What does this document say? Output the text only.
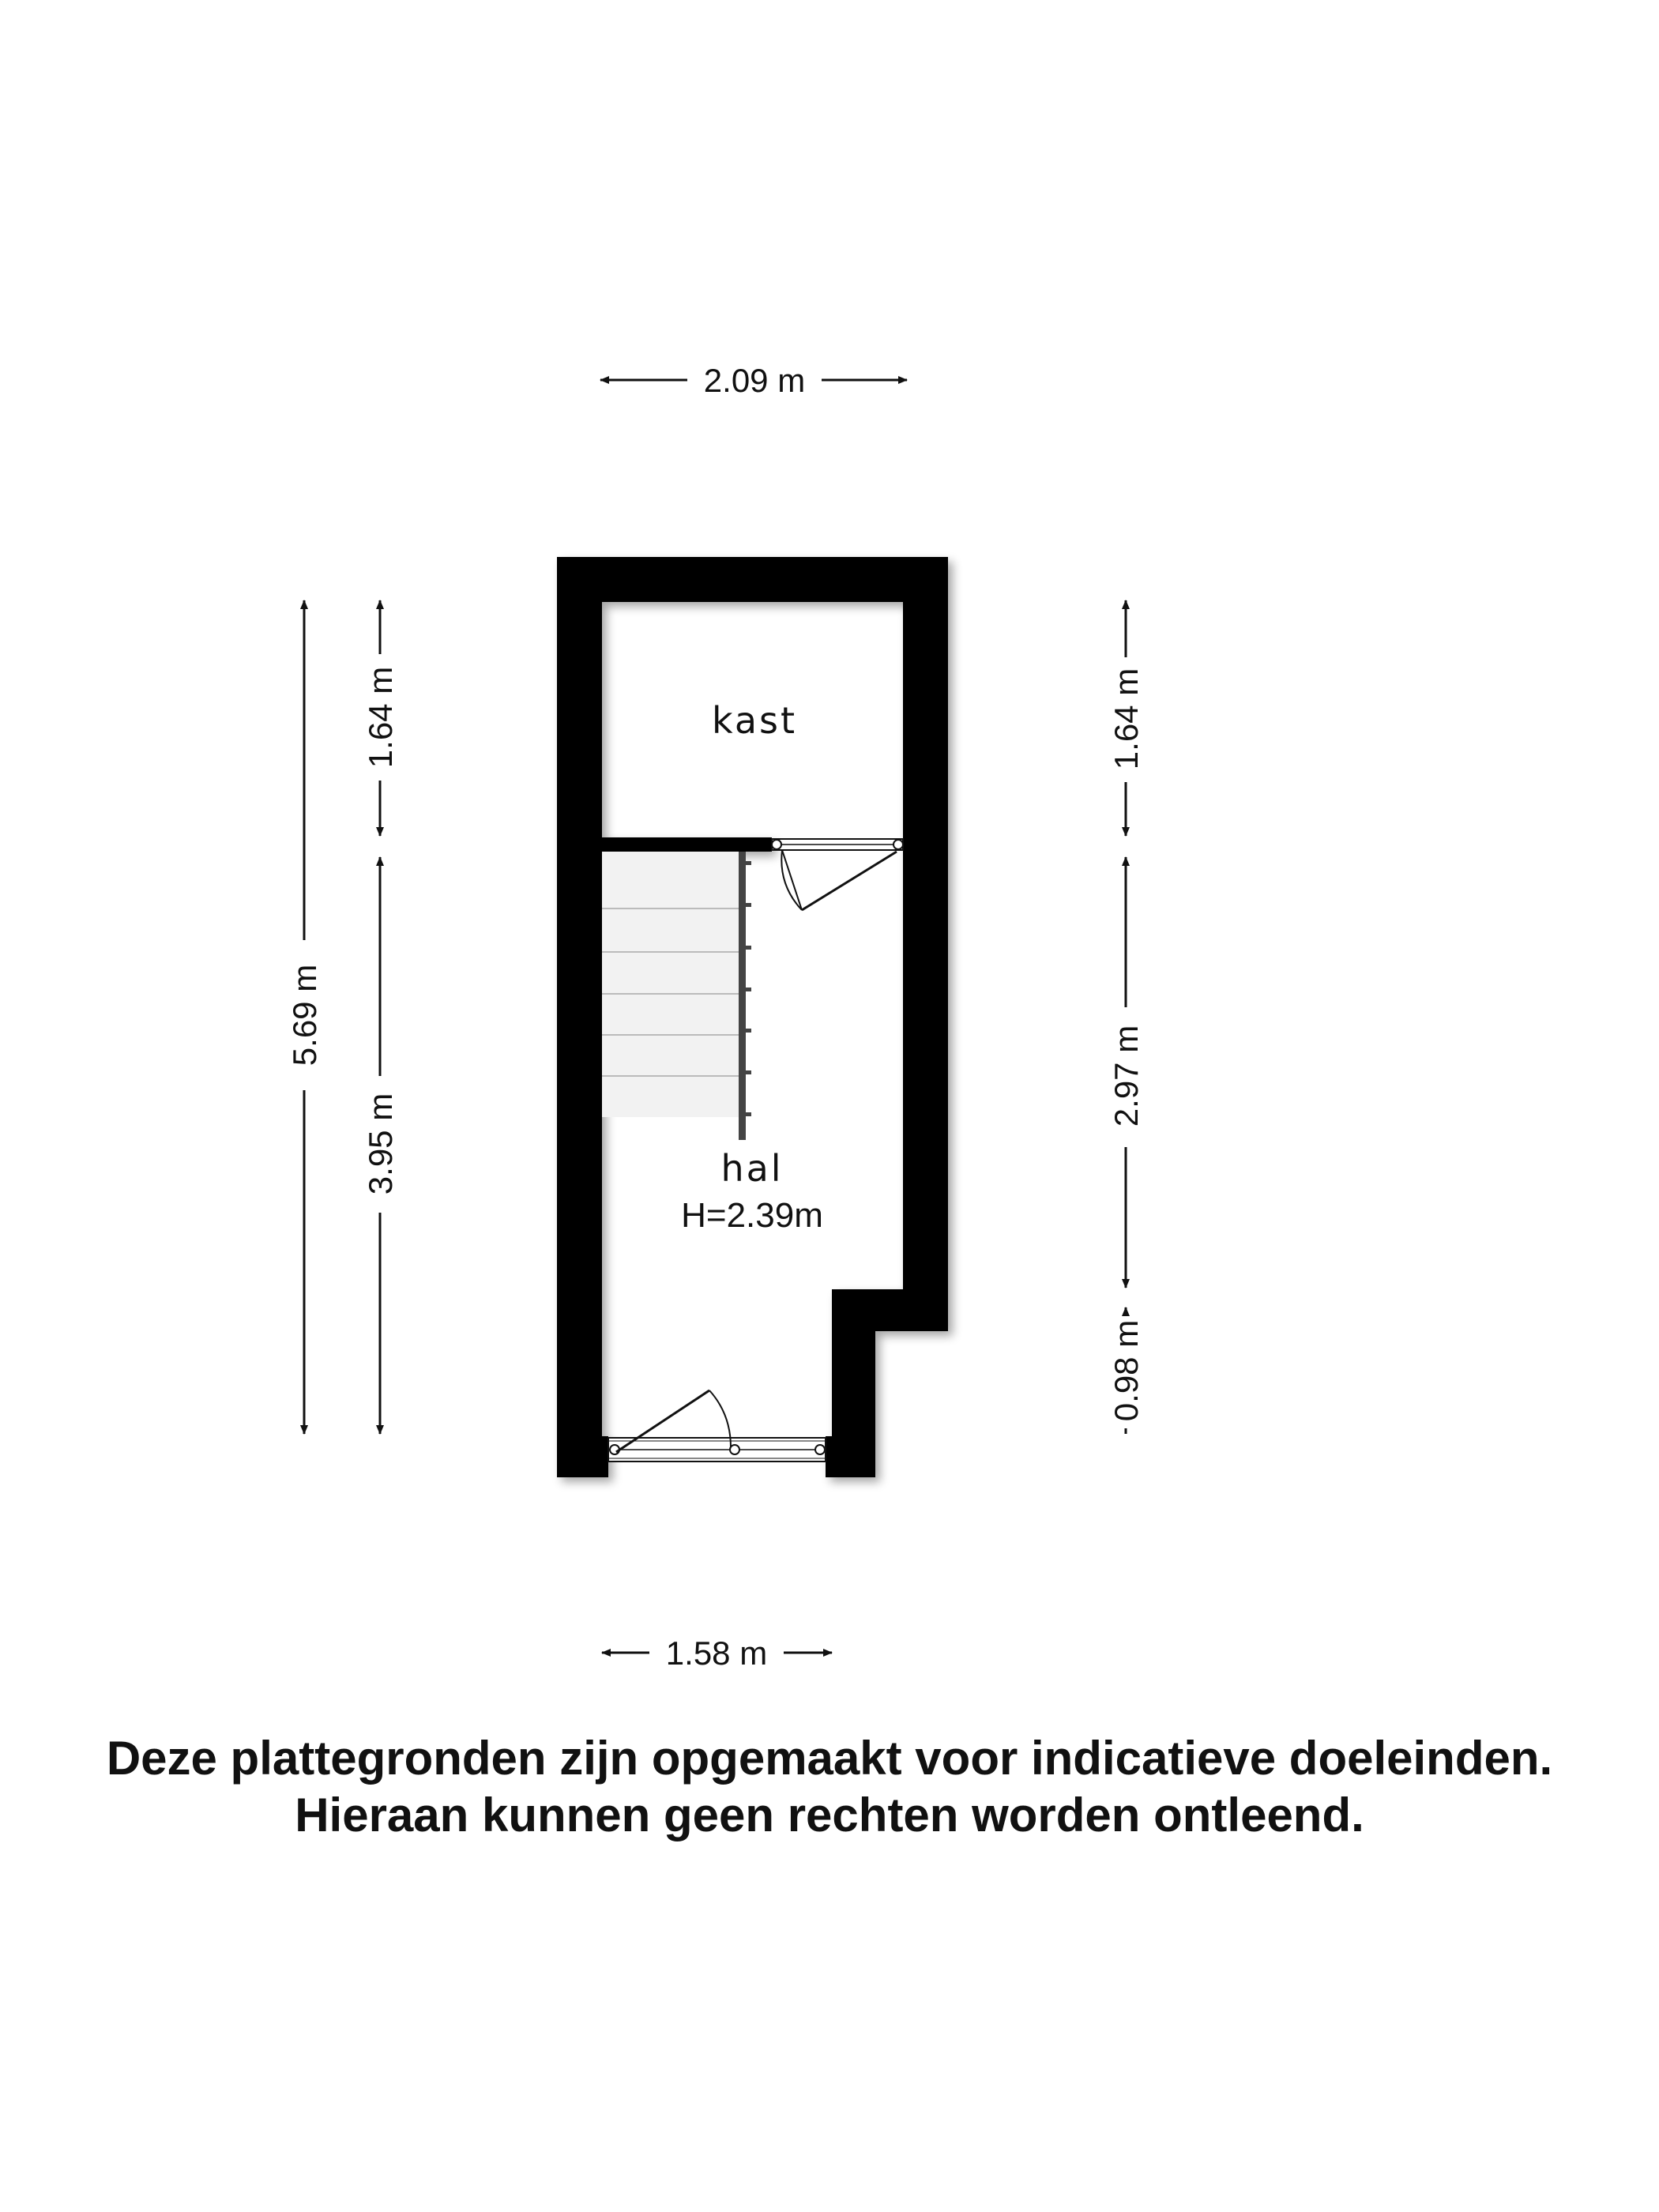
2.09 m
1.58 m
5.69 m
1.64 m
3.95 m
1.64 m
2.97 m
0.98 m
kast
hal
H=2.39m
Deze plattegronden zijn opgemaakt voor indicatieve doeleinden.
Hieraan kunnen geen rechten worden ontleend.
